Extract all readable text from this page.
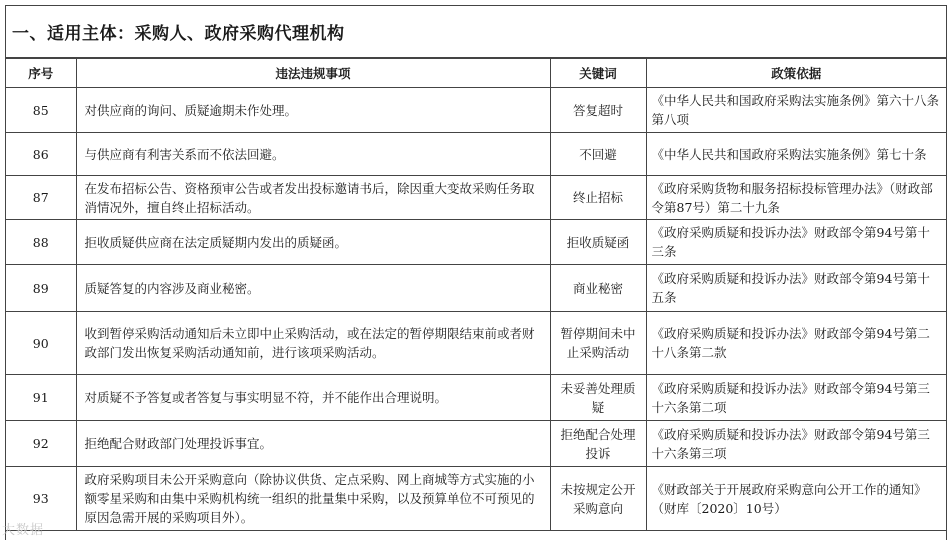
一、适用主体：采购人、政府采购代理机构
序号	违法违规事项	关键词	政策依据
85	对供应商的询问、质疑逾期未作处理。	答复超时	《中华人民共和国政府采购法实施条例》第六十八条第八项
86	与供应商有利害关系而不依法回避。	不回避	《中华人民共和国政府采购法实施条例》第七十条
87	在发布招标公告、资格预审公告或者发出投标邀请书后，除因重大变故采购任务取消情况外，擅自终止招标活动。	终止招标	《政府采购货物和服务招标投标管理办法》（财政部令第87号）第二十九条
88	拒收质疑供应商在法定质疑期内发出的质疑函。	拒收质疑函	《政府采购质疑和投诉办法》财政部令第94号第十三条
89	质疑答复的内容涉及商业秘密。	商业秘密	《政府采购质疑和投诉办法》财政部令第94号第十五条
90	收到暂停采购活动通知后未立即中止采购活动，或在法定的暂停期限结束前或者财政部门发出恢复采购活动通知前，进行该项采购活动。	暂停期间未中止采购活动	《政府采购质疑和投诉办法》财政部令第94号第二十八条第二款
91	对质疑不予答复或者答复与事实明显不符，并不能作出合理说明。	未妥善处理质疑	《政府采购质疑和投诉办法》财政部令第94号第三十六条第二项
92	拒绝配合财政部门处理投诉事宜。	拒绝配合处理投诉	《政府采购质疑和投诉办法》财政部令第94号第三十六条第三项
93	政府采购项目未公开采购意向（除协议供货、定点采购、网上商城等方式实施的小额零星采购和由集中采购机构统一组织的批量集中采购，以及预算单位不可预见的原因急需开展的采购项目外）。	未按规定公开采购意向	《财政部关于开展政府采购意向公开工作的通知》（财库〔2020〕10号）
大数据
